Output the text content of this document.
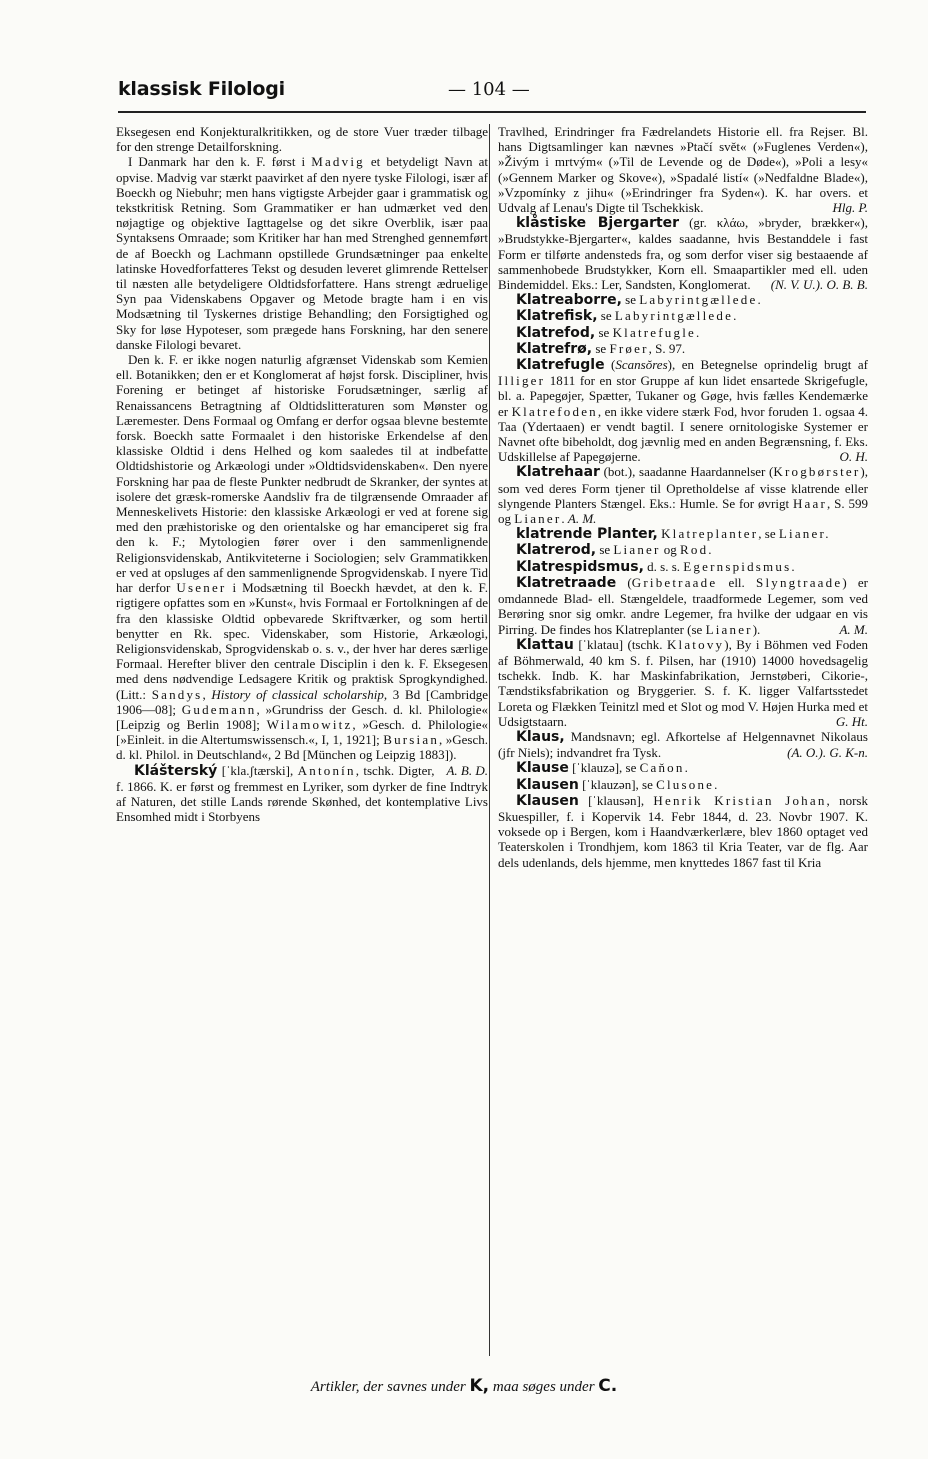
klassisk Filologi	— 104 —

Eksegesen end Konjekturalkritikken, og de store Vuer træder tilbage for den strenge Detailforskning.

I Danmark har den k. F. først i Madvig et betydeligt Navn at opvise. Madvig var stærkt paavirket af den nyere tyske Filologi, især af Boeckh og Niebuhr; men hans vigtigste Arbejder gaar i grammatisk og tekstkritisk Retning. Som Grammatiker er han udmærket ved den nøjagtige og objektive Iagttagelse og det sikre Overblik, især paa Syntaksens Omraade; som Kritiker har han med Strenghed gennemført de af Boeckh og Lachmann opstillede Grundsætninger paa enkelte latinske Hovedforfatteres Tekst og desuden leveret glimrende Rettelser til næsten alle betydeligere Oldtidsforfattere. Hans strengt ædruelige Syn paa Videnskabens Opgaver og Metode bragte ham i en vis Modsætning til Tyskernes dristige Behandling; den Forsigtighed og Sky for løse Hypoteser, som prægede hans Forskning, har den senere danske Filologi bevaret.

Den k. F. er ikke nogen naturlig afgrænset Videnskab som Kemien ell. Botanikken; den er et Konglomerat af højst forsk. Discipliner, hvis Forening er betinget af historiske Forudsætninger, særlig af Renaissancens Betragtning af Oldtidslitteraturen som Mønster og Læremester. Dens Formaal og Omfang er derfor ogsaa blevne bestemte forsk. Boeckh satte Formaalet i den historiske Erkendelse af den klassiske Oldtid i dens Helhed og kom saaledes til at indbefatte Oldtidshistorie og Arkæologi under »Oldtidsvidenskaben«. Den nyere Forskning har paa de fleste Punkter nedbrudt de Skranker, der syntes at isolere det græsk-romerske Aandsliv fra de tilgrænsende Omraader af Menneskelivets Historie: den klassiske Arkæologi er ved at forene sig med den præhistoriske og den orientalske og har emanciperet sig fra den k. F.; Mytologien fører over i den sammenlignende Religionsvidenskab, Antikviteterne i Sociologien; selv Grammatikken er ved at opsluges af den sammenlignende Sprogvidenskab. I nyere Tid har derfor Usener i Modsætning til Boeckh hævdet, at den k. F. rigtigere opfattes som en »Kunst«, hvis Formaal er Fortolkningen af de fra den klassiske Oldtid opbevarede Skriftværker, og som hertil benytter en Rk. spec. Videnskaber, som Historie, Arkæologi, Religionsvidenskab, Sprogvidenskab o. s. v., der hver har deres særlige Formaal. Herefter bliver den centrale Disciplin i den k. F. Eksegesen med dens nødvendige Ledsagere Kritik og praktisk Sprogkyndighed. (Litt.: Sandys, History of classical scholarship, 3 Bd [Cambridge 1906—08]; Gudemann, »Grundriss der Gesch. d. kl. Philologie« [Leipzig og Berlin 1908]; Wilamowitz, »Gesch. d. Philologie« [»Einleit. in die Altertumswissensch.«, I, 1, 1921]; Bursian, »Gesch. d. kl. Philol. in Deutschland«, 2 Bd [München og Leipzig 1883]).
A. B. D.

Klášterský [ˈkla.ʃtærski], Antonín, tschk. Digter, f. 1866. K. er først og fremmest en Lyriker, som dyrker de fine Indtryk af Naturen, det stille Lands rørende Skønhed, det kontemplative Livs Ensomhed midt i Storbyens

Travlhed, Erindringer fra Fædrelandets Historie ell. fra Rejser. Bl. hans Digtsamlinger kan nævnes »Ptačí svět« (»Fuglenes Verden«), »Živým i mrtvým« (»Til de Levende og de Døde«), »Poli a lesy« (»Gennem Marker og Skove«), »Spadalé listí« (»Nedfaldne Blade«), »Vzpomínky z jihu« (»Erindringer fra Syden«). K. har overs. et Udvalg af Lenau's Digte til Tschekkisk.	Hlg. P.

klåstiske Bjergarter (gr. κλάω, »bryder, brækker«), »Brudstykke-Bjergarter«, kaldes saadanne, hvis Bestanddele i fast Form er tilførte andensteds fra, og som derfor viser sig bestaaende af sammenhobede Brudstykker, Korn ell. Smaapartikler med ell. uden Bindemiddel. Eks.: Ler, Sandsten, Konglomerat. (N. V. U.). O. B. B.

Klatreaborre, se Labyrintgællede.

Klatrefisk, se Labyrintgællede.

Klatrefod, se Klatrefugle.

Klatrefrø, se Frøer, S. 97.

Klatrefugle (Scansŏres), en Betegnelse oprindelig brugt af Illiger 1811 for en stor Gruppe af kun lidet ensartede Skrigefugle, bl. a. Papegøjer, Spætter, Tukaner og Gøge, hvis fælles Kendemærke er Klatrefoden, en ikke videre stærk Fod, hvor foruden 1. ogsaa 4. Taa (Ydertaaen) er vendt bagtil. I senere ornitologiske Systemer er Navnet ofte bibeholdt, dog jævnlig med en anden Begrænsning, f. Eks. Udskillelse af Papegøjerne.	O. H.

Klatrehaar (bot.), saadanne Haardannelser (Krogbørster), som ved deres Form tjener til Opretholdelse af visse klatrende eller slyngende Planters Stængel. Eks.: Humle. Se for øvrigt Haar, S. 599 og Lianer. A. M.

klatrende Planter, Klatreplanter, se Lianer.

Klatrerod, se Lianer og Rod.

Klatrespidsmus, d. s. s. Egernspidsmus.

Klatretraade (Gribetraade ell. Slyngtraade) er omdannede Blad- ell. Stængeldele, traadformede Legemer, som ved Berøring snor sig omkr. andre Legemer, fra hvilke der udgaar en vis Pirring. De findes hos Klatreplanter (se Lianer).	A. M.

Klattau [ˈklatau] (tschk. Klatovy), By i Böhmen ved Foden af Böhmerwald, 40 km S. f. Pilsen, har (1910) 14000 hovedsagelig tschekk. Indb. K. har Maskinfabrikation, Jernstøberi, Cikorie-, Tændstiksfabrikation og Bryggerier. S. f. K. ligger Valfartsstedet Loreta og Flækken Teinitzl med et Slot og mod V. Højen Hurka med et Udsigtstaarn.	G. Ht.

Klaus, Mandsnavn; egl. Afkortelse af Helgennavnet Nikolaus (jfr Niels); indvandret fra Tysk.	(A. O.). G. K-n.

Klause [ˈklauzə], se Caňon.

Klausen [ˈklauzən], se Clusone.

Klausen [ˈklausən], Henrik Kristian Johan, norsk Skuespiller, f. i Kopervik 14. Febr 1844, d. 23. Novbr 1907. K. voksede op i Bergen, kom i Haandværkerlære, blev 1860 optaget ved Teaterskolen i Trondhjem, kom 1863 til Kria Teater, var de flg. Aar dels udenlands, dels hjemme, men knyttedes 1867 fast til Kria

Artikler, der savnes under K, maa søges under C.
